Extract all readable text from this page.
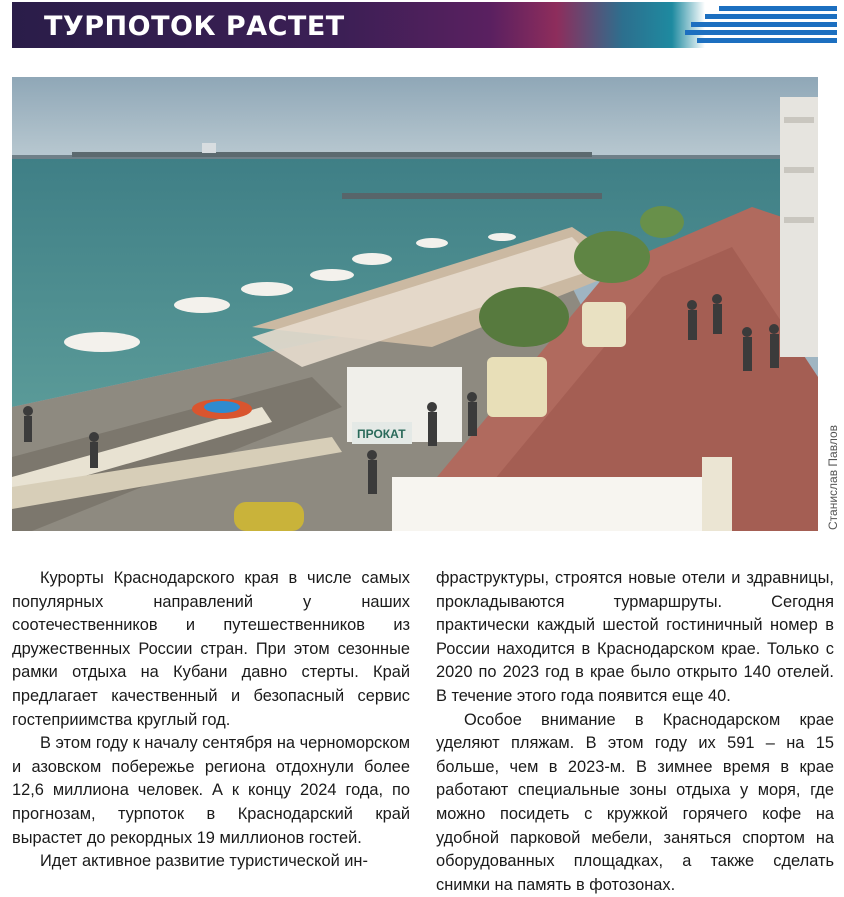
ТУРПОТОК РАСТЕТ
ПРОКАТ	Станислав Павлов

Курорты Краснодарского края в числе самых популярных направлений у наших соотечественников и путешественников из дружественных России стран. При этом сезонные рамки отдыха на Кубани давно стерты. Край предлагает качественный и безопасный сервис гостеприимства круглый год.

В этом году к началу сентября на черноморском и азовском побережье региона отдохнули более 12,6 миллиона человек. А к концу 2024 года, по прогнозам, турпоток в Краснодарский край вырастет до рекордных 19 миллионов гостей.

Идет активное развитие туристической ин-

фраструктуры, строятся новые отели и здравницы, прокладываются турмаршруты. Сегодня практически каждый шестой гостиничный номер в России находится в Краснодарском крае. Только с 2020 по 2023 год в крае было открыто 140 отелей. В течение этого года появится еще 40.

Особое внимание в Краснодарском крае уделяют пляжам. В этом году их 591 – на 15 больше, чем в 2023-м. В зимнее время в крае работают специальные зоны отдыха у моря, где можно посидеть с кружкой горячего кофе на удобной парковой мебели, заняться спортом на оборудованных площадках, а также сделать снимки на память в фотозонах.
